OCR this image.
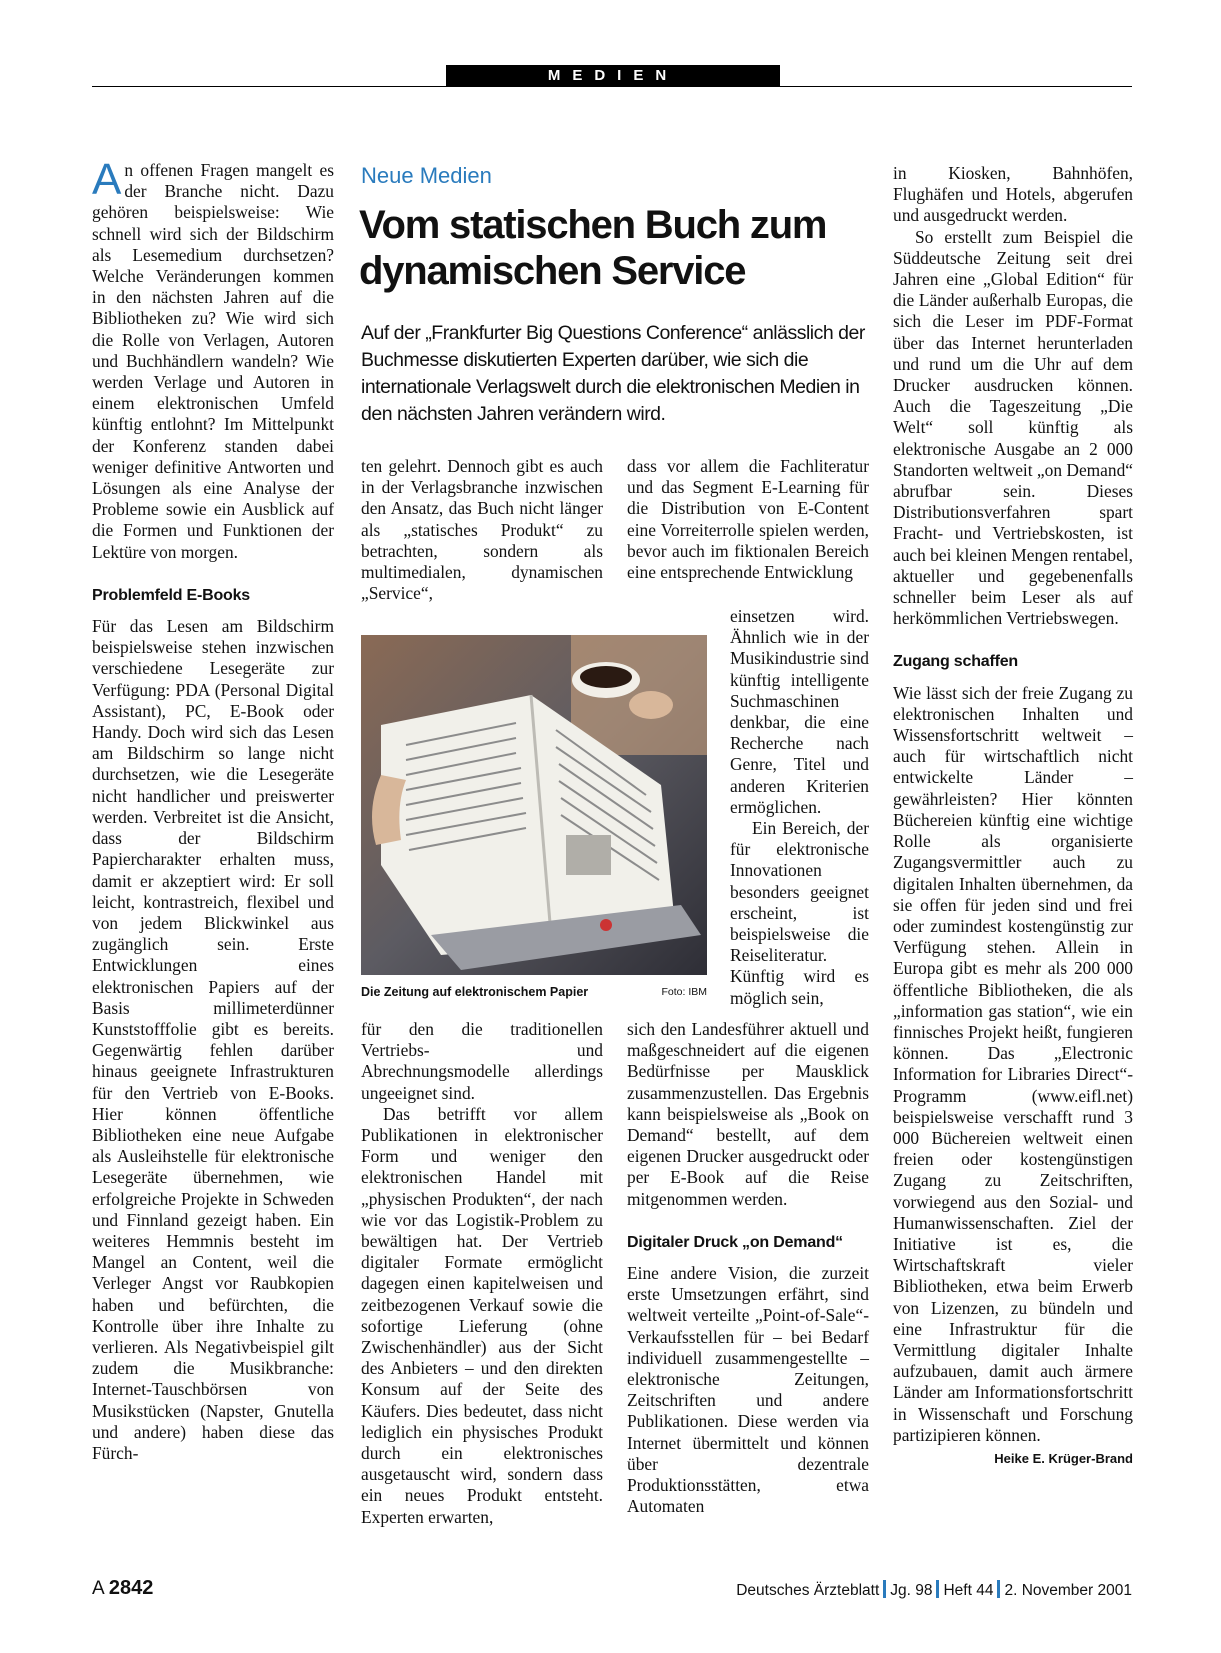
MEDIEN

An offenen Fragen mangelt es der Branche nicht. Dazu gehören beispielsweise: Wie schnell wird sich der Bildschirm als Lesemedium durchsetzen? Welche Veränderungen kommen in den nächsten Jahren auf die Bibliotheken zu? Wie wird sich die Rolle von Verlagen, Autoren und Buchhändlern wandeln? Wie werden Verlage und Autoren in einem elektronischen Umfeld künftig entlohnt? Im Mittelpunkt der Konferenz standen dabei weniger definitive Antworten und Lösungen als eine Analyse der Probleme sowie ein Ausblick auf die Formen und Funktionen der Lektüre von morgen.

Problemfeld E-Books

Für das Lesen am Bildschirm beispielsweise stehen inzwischen verschiedene Lesegeräte zur Verfügung: PDA (Personal Digital Assistant), PC, E-Book oder Handy. Doch wird sich das Lesen am Bildschirm so lange nicht durchsetzen, wie die Lesegeräte nicht handlicher und preiswerter werden. Verbreitet ist die Ansicht, dass der Bildschirm Papiercharakter erhalten muss, damit er akzeptiert wird: Er soll leicht, kontrastreich, flexibel und von jedem Blickwinkel aus zugänglich sein. Erste Entwicklungen eines elektronischen Papiers auf der Basis millimeterdünner Kunststofffolie gibt es bereits. Gegenwärtig fehlen darüber hinaus geeignete Infrastrukturen für den Vertrieb von E-Books. Hier können öffentliche Bibliotheken eine neue Aufgabe als Ausleihstelle für elektronische Lesegeräte übernehmen, wie erfolgreiche Projekte in Schweden und Finnland gezeigt haben. Ein weiteres Hemmnis besteht im Mangel an Content, weil die Verleger Angst vor Raubkopien haben und befürchten, die Kontrolle über ihre Inhalte zu verlieren. Als Negativbeispiel gilt zudem die Musikbranche: Internet-Tauschbörsen von Musikstücken (Napster, Gnutella und andere) haben diese das Fürch-

Neue Medien
Vom statischen Buch zum dynamischen Service
Auf der „Frankfurter Big Questions Conference“ anlässlich der Buchmesse diskutierten Experten darüber, wie sich die internationale Verlagswelt durch die elektronischen Medien in den nächsten Jahren verändern wird.

ten gelehrt. Dennoch gibt es auch in der Verlagsbranche inzwischen den Ansatz, das Buch nicht länger als „statisches Produkt“ zu betrachten, sondern als multimedialen, dynamischen „Service“,

Die Zeitung auf elektronischem Papier	Foto: IBM

für den die traditionellen Vertriebs- und Abrechnungsmodelle allerdings ungeeignet sind.

Das betrifft vor allem Publikationen in elektronischer Form und weniger den elektronischen Handel mit „physischen Produkten“, der nach wie vor das Logistik-Problem zu bewältigen hat. Der Vertrieb digitaler Formate ermöglicht dagegen einen kapitelweisen und zeitbezogenen Verkauf sowie die sofortige Lieferung (ohne Zwischenhändler) aus der Sicht des Anbieters – und den direkten Konsum auf der Seite des Käufers. Dies bedeutet, dass nicht lediglich ein physisches Produkt durch ein elektronisches ausgetauscht wird, sondern dass ein neues Produkt entsteht. Experten erwarten,

dass vor allem die Fachliteratur und das Segment E-Learning für die Distribution von E-Content eine Vorreiterrolle spielen werden, bevor auch im fiktionalen Bereich eine entsprechende Entwicklung

einsetzen wird. Ähnlich wie in der Musikindustrie sind künftig intelligente Suchmaschinen denkbar, die eine Recherche nach Genre, Titel und anderen Kriterien ermöglichen.

Ein Bereich, der für elektronische Innovationen besonders geeignet erscheint, ist beispielsweise die Reiseliteratur. Künftig wird es möglich sein,

sich den Landesführer aktuell und maßgeschneidert auf die eigenen Bedürfnisse per Mausklick zusammenzustellen. Das Ergebnis kann beispielsweise als „Book on Demand“ bestellt, auf dem eigenen Drucker ausgedruckt oder per E-Book auf die Reise mitgenommen werden.

Digitaler Druck „on Demand“

Eine andere Vision, die zurzeit erste Umsetzungen erfährt, sind weltweit verteilte „Point-of-Sale“-Verkaufsstellen für – bei Bedarf individuell zusammengestellte – elektronische Zeitungen, Zeitschriften und andere Publikationen. Diese werden via Internet übermittelt und können über dezentrale Produktionsstätten, etwa Automaten

in Kiosken, Bahnhöfen, Flughäfen und Hotels, abgerufen und ausgedruckt werden.

So erstellt zum Beispiel die Süddeutsche Zeitung seit drei Jahren eine „Global Edition“ für die Länder außerhalb Europas, die sich die Leser im PDF-Format über das Internet herunterladen und rund um die Uhr auf dem Drucker ausdrucken können. Auch die Tageszeitung „Die Welt“ soll künftig als elektronische Ausgabe an 2 000 Standorten weltweit „on Demand“ abrufbar sein. Dieses Distributionsverfahren spart Fracht- und Vertriebskosten, ist auch bei kleinen Mengen rentabel, aktueller und gegebenenfalls schneller beim Leser als auf herkömmlichen Vertriebswegen.

Zugang schaffen

Wie lässt sich der freie Zugang zu elektronischen Inhalten und Wissensfortschritt weltweit – auch für wirtschaftlich nicht entwickelte Länder – gewährleisten? Hier könnten Büchereien künftig eine wichtige Rolle als organisierte Zugangsvermittler auch zu digitalen Inhalten übernehmen, da sie offen für jeden sind und frei oder zumindest kostengünstig zur Verfügung stehen. Allein in Europa gibt es mehr als 200 000 öffentliche Bibliotheken, die als „information gas station“, wie ein finnisches Projekt heißt, fungieren können. Das „Electronic Information for Libraries Direct“-Programm (www.eifl.net) beispielsweise verschafft rund 3 000 Büchereien weltweit einen freien oder kostengünstigen Zugang zu Zeitschriften, vorwiegend aus den Sozial- und Humanwissenschaften. Ziel der Initiative ist es, die Wirtschaftskraft vieler Bibliotheken, etwa beim Erwerb von Lizenzen, zu bündeln und eine Infrastruktur für die Vermittlung digitaler Inhalte aufzubauen, damit auch ärmere Länder am Informationsfortschritt in Wissenschaft und Forschung partizipieren können.
Heike E. Krüger-Brand

A 2842	Deutsches Ärzteblatt Jg. 98 Heft 44 2. November 2001
